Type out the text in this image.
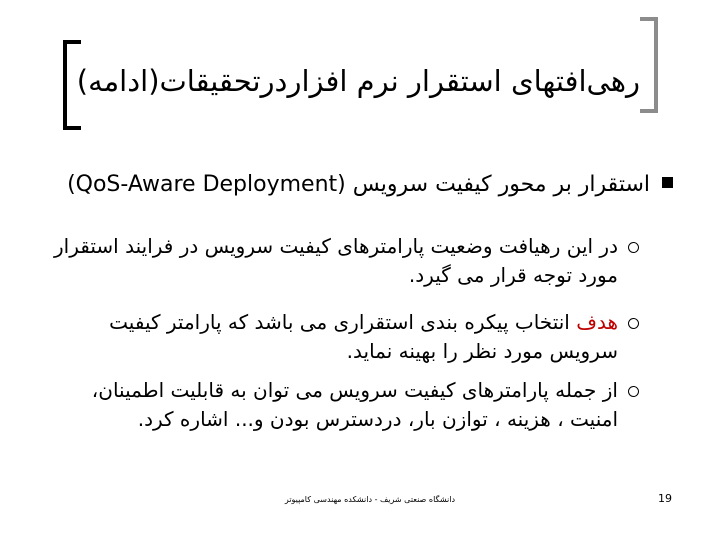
رهی‌افتهای استقرار نرم افزاردرتحقیقات(ادامه)
استقرار بر محور کیفیت سرویس (QoS-Aware Deployment)
در این رهیافت وضعیت پارامترهای کیفیت سرویس در فرایند استقرار مورد توجه قرار می گیرد.
هدف انتخاب پیکره بندی استقراری می باشد که پارامتر کیفیت سرویس مورد نظر را بهینه نماید.
از جمله پارامترهای کیفیت سرویس می توان به قابلیت اطمینان، امنیت ، هزینه ، توازن بار، دردسترس بودن و... اشاره کرد.
دانشگاه صنعتی شریف - دانشکده مهندسی کامپیوتر	19
